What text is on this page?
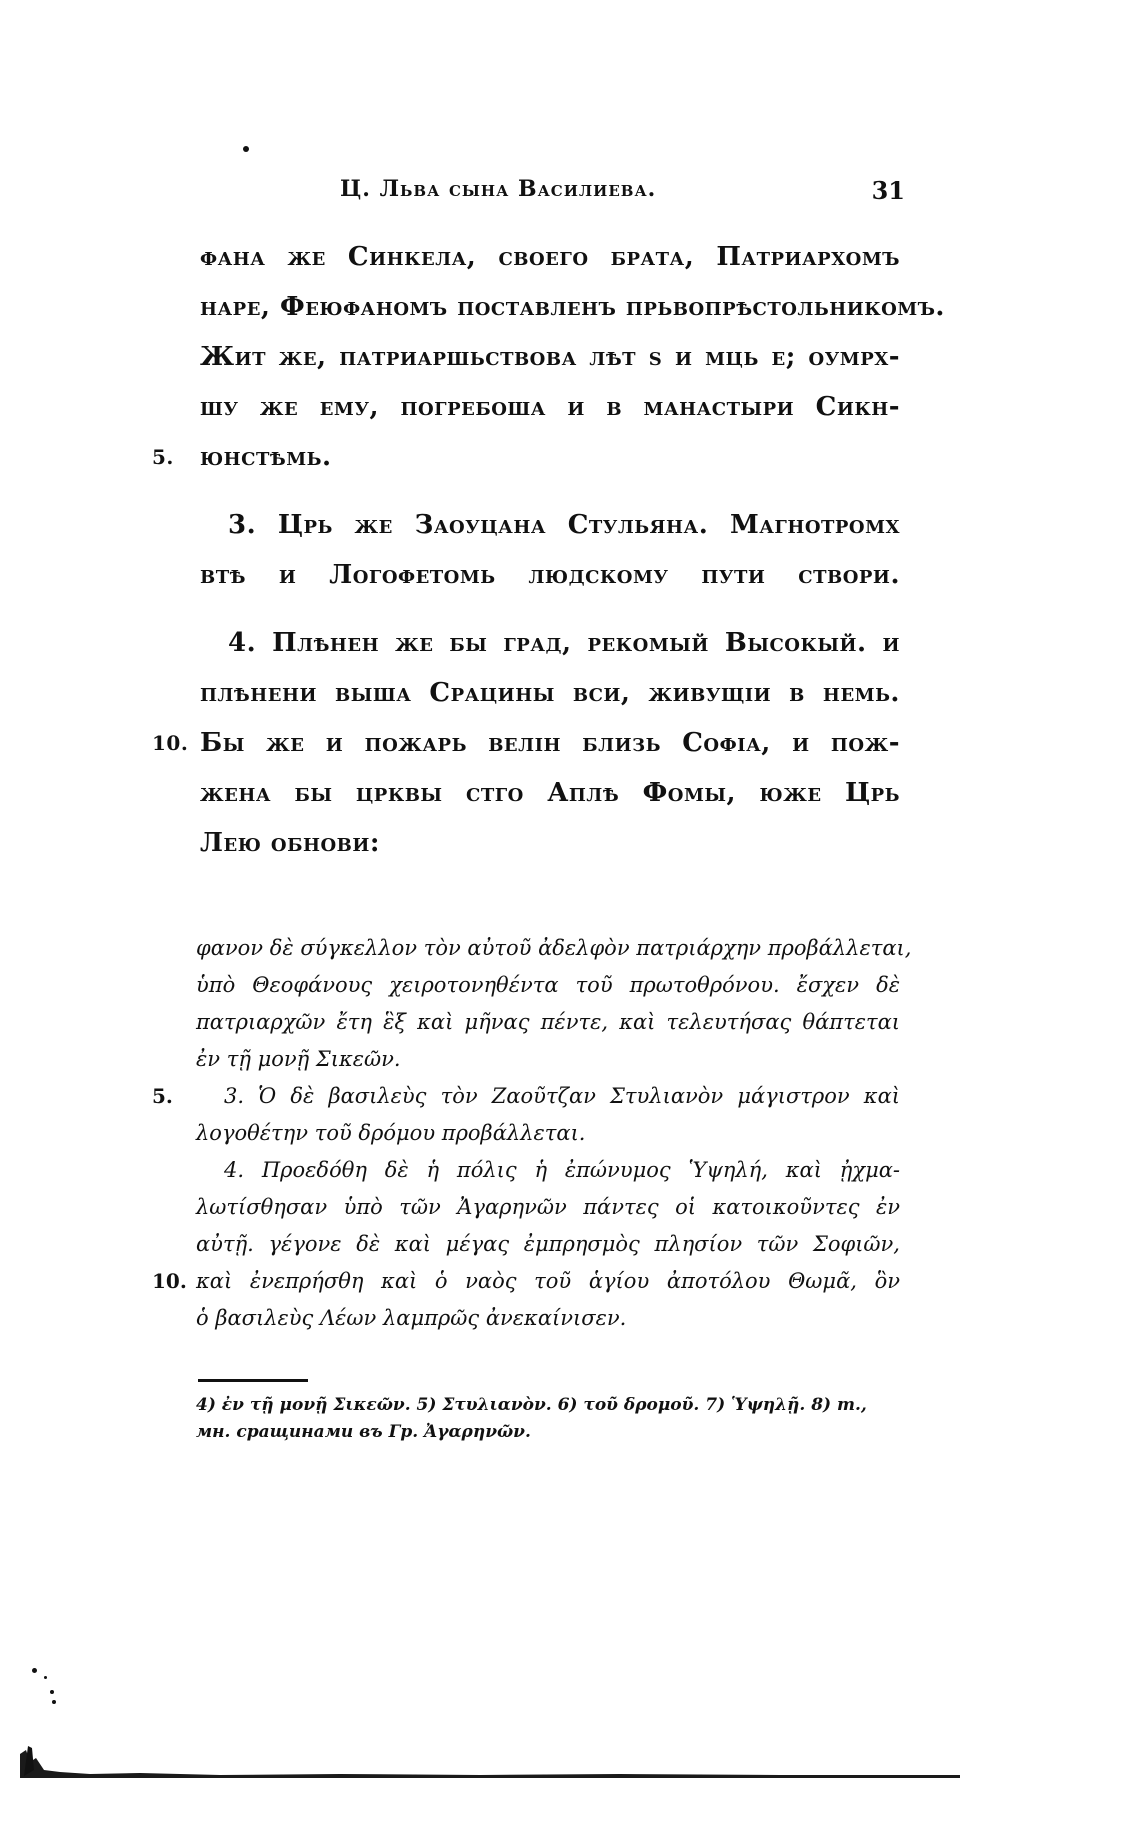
Ц. Льва сына Василиева.	31
фана же Синкела, своего брата, Патриархомъ
наре, Феюфаномъ поставленъ прьвопрѣстольникомъ.
Жит же, патриаршьствова лѣт ѕ и мць е; оумрх-
шу же ему, погребоша и в манастыри Сикн-
5. юнстѣмь.
3. Црь же Заоуцана Стульяна. Магнотромх
втѣ и Логофетомь людскому пути створи.
4. Плѣнен же бы град, рекомый Высокый. и
плѣнени выша Срацины вси, живущіи в немь.
10. Бы же и пожарь велін близь Софіа, и пож-
жена бы црквы стго Аплѣ Фомы, юже Црь
Лею обнови:
φανον δὲ σύγκελλον τὸν αὐτοῦ ἀδελφὸν πατριάρχην προβάλλεται,
ὑπὸ Θεοφάνους χειροτονηθέντα τοῦ πρωτοθρόνου. ἔσχεν δὲ
πατριαρχῶν ἔτη ἓξ καὶ μῆνας πέντε, καὶ τελευτήσας θάπτεται
ἐν τῇ μονῇ Σικεῶν.
5. 3. Ὁ δὲ βασιλεὺς τὸν Ζαοῦτζαν Στυλιανὸν μάγιστρον καὶ
λογοθέτην τοῦ δρόμου προβάλλεται.
4. Προεδόθη δὲ ἡ πόλις ἡ ἐπώνυμος Ὑψηλή, καὶ ᾐχμα-
λωτίσθησαν ὑπὸ τῶν Ἀγαρηνῶν πάντες οἱ κατοικοῦντες ἐν
αὐτῇ. γέγονε δὲ καὶ μέγας ἐμπρησμὸς πλησίον τῶν Σοφιῶν,
10. καὶ ἐνεπρήσθη καὶ ὁ ναὸς τοῦ ἁγίου ἀποτόλου Θωμᾶ, ὃν
ὁ βασιλεὺς Λέων λαμπρῶς ἀνεκαίνισεν.
4) ἐν τῇ μονῇ Σικεῶν. 5) Στυλιανὸν. 6) τοῦ δρομοῦ. 7) Ὑψηλῇ. 8) т.,
мн. сращинами въ Гр. Ἀγαρηνῶν.
